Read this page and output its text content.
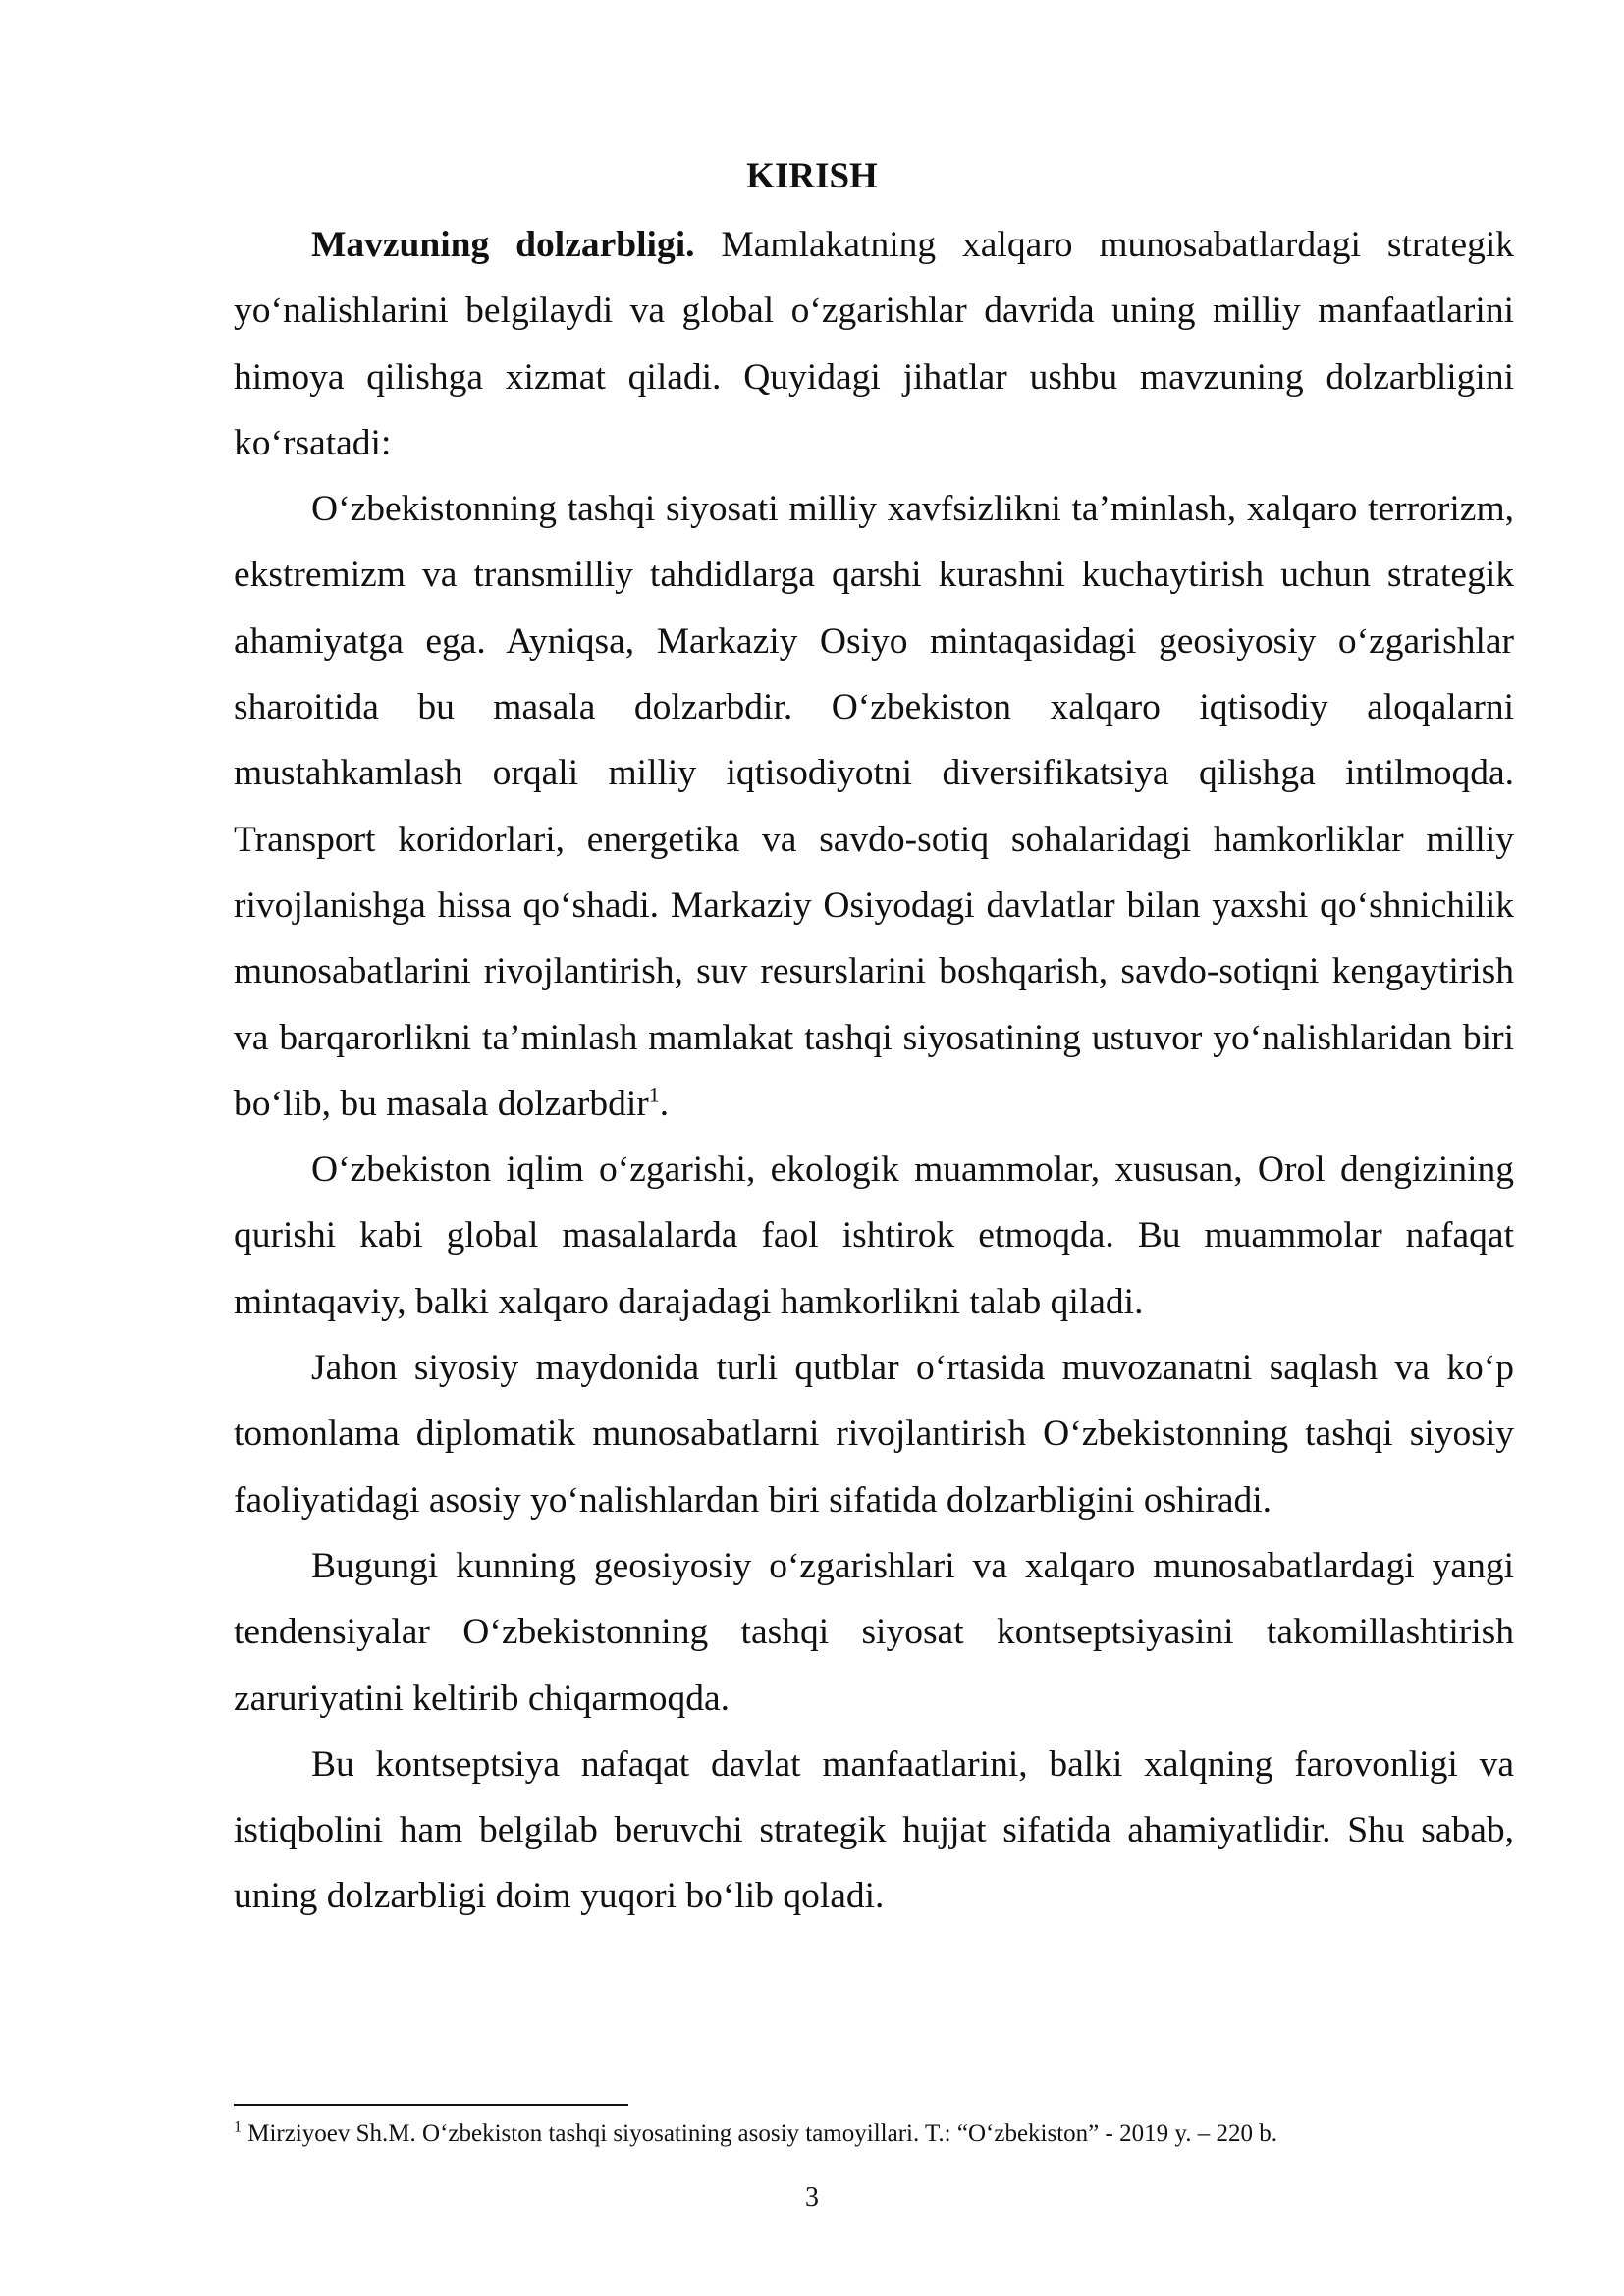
KIRISH

Mavzuning dolzarbligi. Mamlakatning xalqaro munosabatlardagi strategik yo‘nalishlarini belgilaydi va global o‘zgarishlar davrida uning milliy manfaatlarini himoya qilishga xizmat qiladi. Quyidagi jihatlar ushbu mavzuning dolzarbligini ko‘rsatadi:

O‘zbekistonning tashqi siyosati milliy xavfsizlikni ta’minlash, xalqaro terrorizm, ekstremizm va transmilliy tahdidlarga qarshi kurashni kuchaytirish uchun strategik ahamiyatga ega. Ayniqsa, Markaziy Osiyo mintaqasidagi geosiyosiy o‘zgarishlar sharoitida bu masala dolzarbdir. O‘zbekiston xalqaro iqtisodiy aloqalarni mustahkamlash orqali milliy iqtisodiyotni diversifikatsiya qilishga intilmoqda. Transport koridorlari, energetika va savdo-sotiq sohalaridagi hamkorliklar milliy rivojlanishga hissa qo‘shadi. Markaziy Osiyodagi davlatlar bilan yaxshi qo‘shnichilik munosabatlarini rivojlantirish, suv resurslarini boshqarish, savdo-sotiqni kengaytirish va barqarorlikni ta’minlash mamlakat tashqi siyosatining ustuvor yo‘nalishlaridan biri bo‘lib, bu masala dolzarbdir$^1$.

O‘zbekiston iqlim o‘zgarishi, ekologik muammolar, xususan, Orol dengizining qurishi kabi global masalalarda faol ishtirok etmoqda. Bu muammolar nafaqat mintaqaviy, balki xalqaro darajadagi hamkorlikni talab qiladi.

Jahon siyosiy maydonida turli qutblar o‘rtasida muvozanatni saqlash va ko‘p tomonlama diplomatik munosabatlarni rivojlantirish O‘zbekistonning tashqi siyosiy faoliyatidagi asosiy yo‘nalishlardan biri sifatida dolzarbligini oshiradi.

Bugungi kunning geosiyosiy o‘zgarishlari va xalqaro munosabatlardagi yangi tendensiyalar O‘zbekistonning tashqi siyosat kontseptsiyasini takomillashtirish zaruriyatini keltirib chiqarmoqda.

Bu kontseptsiya nafaqat davlat manfaatlarini, balki xalqning farovonligi va istiqbolini ham belgilab beruvchi strategik hujjat sifatida ahamiyatlidir. Shu sabab, uning dolzarbligi doim yuqori bo‘lib qoladi.

$^1$ Mirziyoev Sh.M. O‘zbekiston tashqi siyosatining asosiy tamoyillari. T.: “O‘zbekiston” - 2019 y. – 220 b.

3
